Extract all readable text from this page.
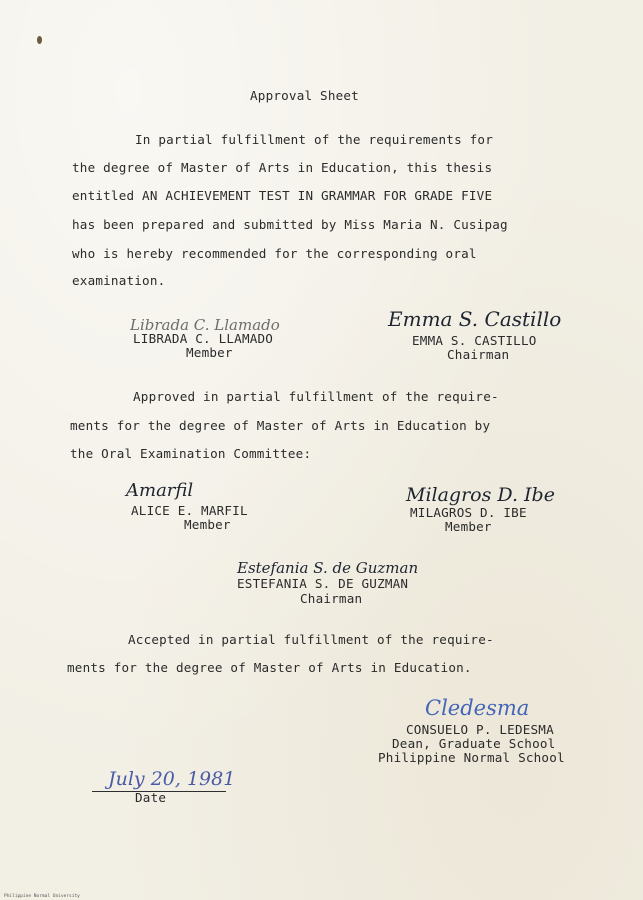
Approval Sheet
In partial fulfillment of the requirements for
the degree of Master of Arts in Education, this thesis
entitled AN ACHIEVEMENT TEST IN GRAMMAR FOR GRADE FIVE
has been prepared and submitted by Miss Maria N. Cusipag
who is hereby recommended for the corresponding oral
examination.
Librada C. Llamado
LIBRADA C. LLAMADO
Member
Emma S. Castillo
EMMA S. CASTILLO
Chairman
Approved in partial fulfillment of the require-
ments for the degree of Master of Arts in Education by
the Oral Examination Committee:
Amarfil
ALICE E. MARFIL
Member
Milagros D. Ibe
MILAGROS D. IBE
Member
Estefania S. de Guzman
ESTEFANIA S. DE GUZMAN
Chairman
Accepted in partial fulfillment of the require-
ments for the degree of Master of Arts in Education.
Cledesma
CONSUELO P. LEDESMA
Dean, Graduate School
Philippine Normal School
July 20, 1981
Date
Philippine Normal University
